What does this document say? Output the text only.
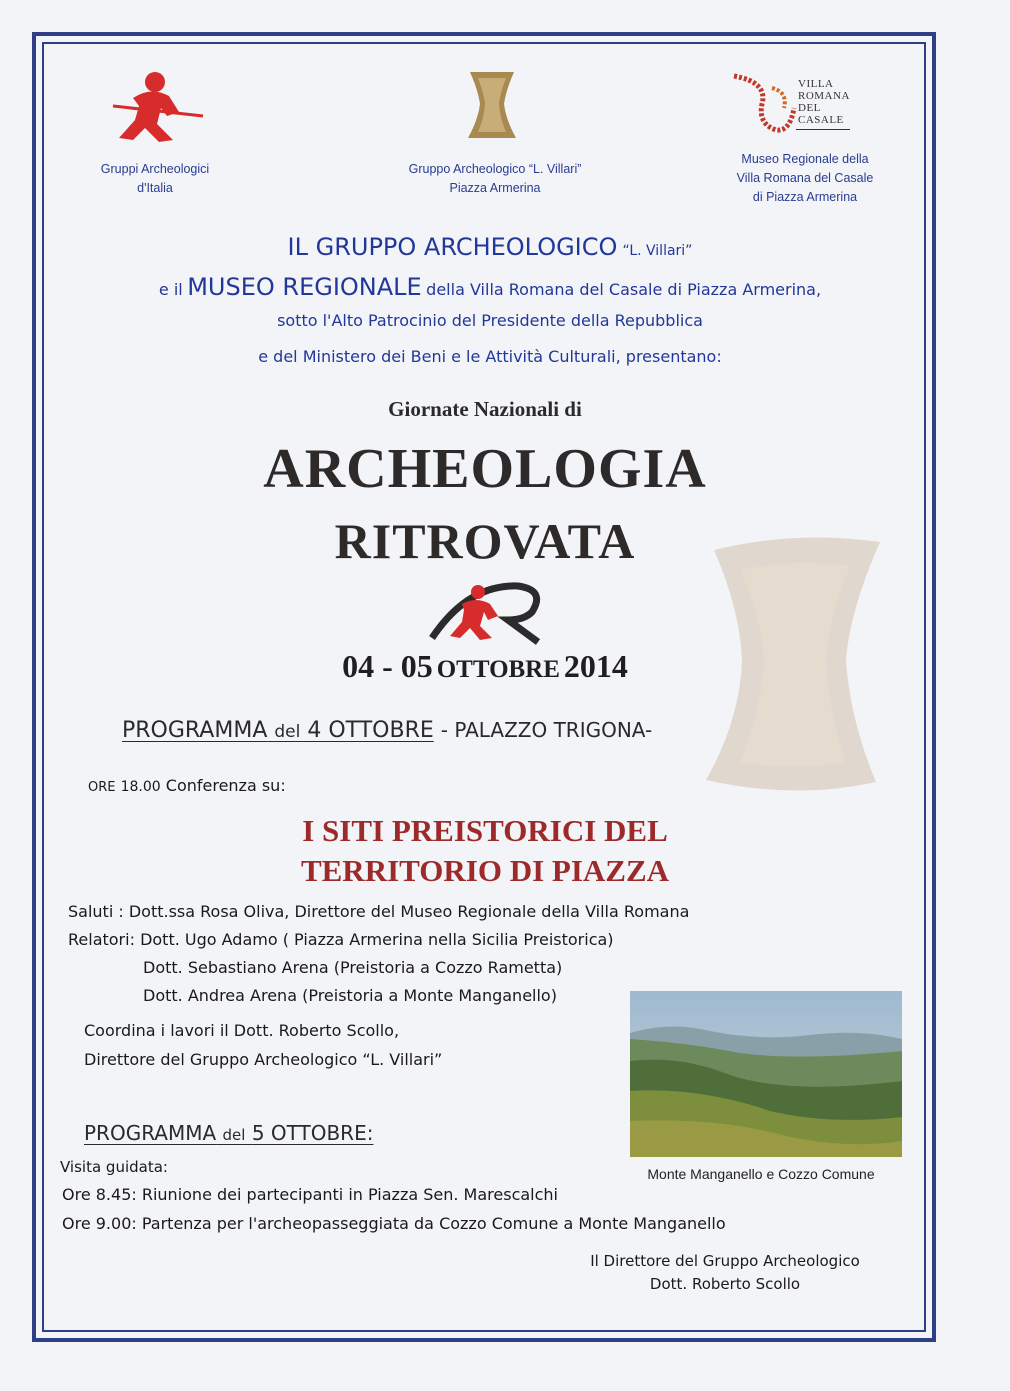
Gruppi Archeologici
d'Italia
Gruppo Archeologico “L. Villari”
Piazza Armerina
VILLA
ROMANA
DEL
CASALE
Museo Regionale della
Villa Romana del Casale
di Piazza Armerina
IL GRUPPO ARCHEOLOGICO “L. Villari”
e il MUSEO REGIONALE della Villa Romana del Casale di Piazza Armerina,
sotto l'Alto Patrocinio del Presidente della Repubblica
e del Ministero dei Beni e le Attività Culturali, presentano:
Giornate Nazionali di
ARCHEOLOGIA
RITROVATA
04 - 05 OTTOBRE 2014
PROGRAMMA del 4 OTTOBRE - PALAZZO TRIGONA-
ORE 18.00 Conferenza su:
I SITI PREISTORICI DEL
TERRITORIO DI PIAZZA
Saluti : Dott.ssa Rosa Oliva, Direttore del Museo Regionale della Villa Romana
Relatori: Dott. Ugo Adamo ( Piazza Armerina nella Sicilia Preistorica)
Dott. Sebastiano Arena (Preistoria a Cozzo Rametta)
Dott. Andrea Arena (Preistoria a Monte Manganello)
Coordina i lavori il Dott. Roberto Scollo,
Direttore del Gruppo Archeologico “L. Villari”
Monte Manganello e Cozzo Comune
PROGRAMMA del 5 OTTOBRE:
Visita guidata:
Ore 8.45: Riunione dei partecipanti in Piazza Sen. Marescalchi
Ore 9.00: Partenza per l'archeopasseggiata da Cozzo Comune a Monte Manganello
Il Direttore del Gruppo Archeologico
Dott. Roberto Scollo
